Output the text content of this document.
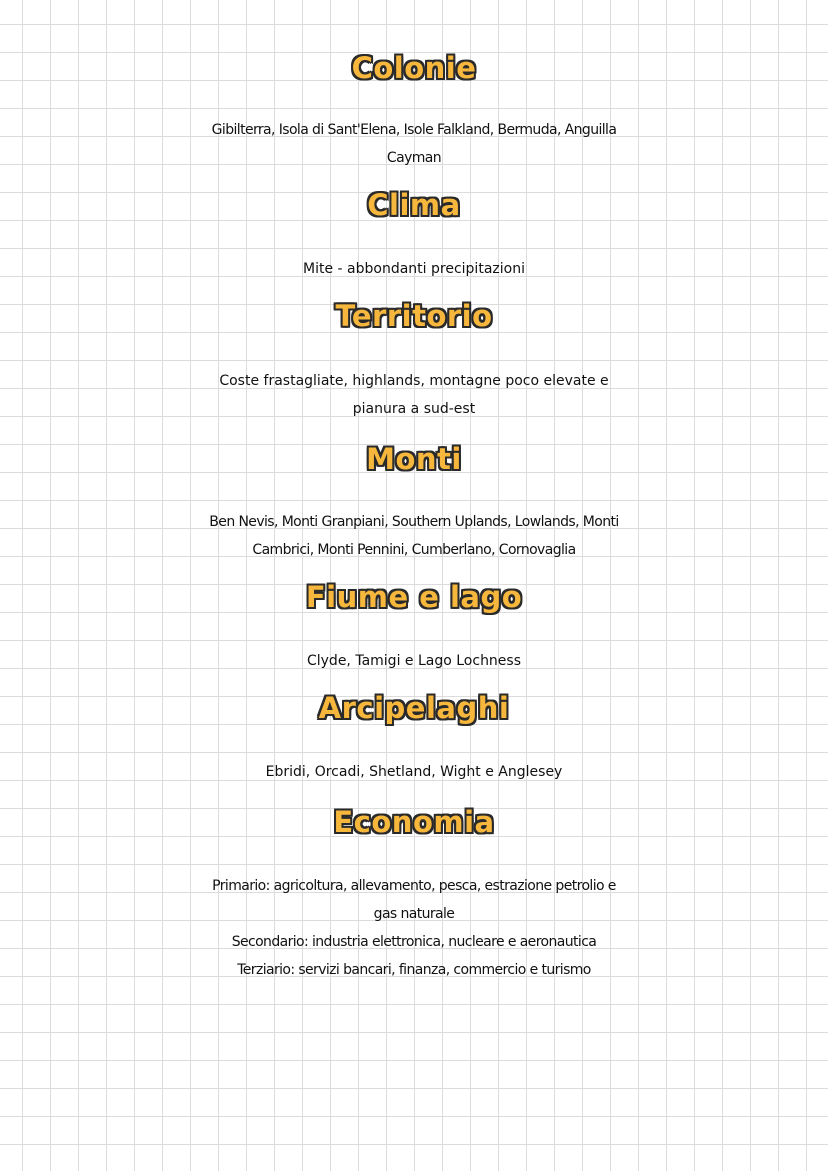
Colonie
Gibilterra, Isola di Sant'Elena, Isole Falkland, Bermuda, Anguilla
Cayman
Clima
Mite - abbondanti precipitazioni
Territorio
Coste frastagliate, highlands, montagne poco elevate e
pianura a sud-est
Monti
Ben Nevis, Monti Granpiani, Southern Uplands, Lowlands, Monti
Cambrici, Monti Pennini, Cumberlano, Cornovaglia
Fiume e lago
Clyde, Tamigi e Lago Lochness
Arcipelaghi
Ebridi, Orcadi, Shetland, Wight e Anglesey
Economia
Primario: agricoltura, allevamento, pesca, estrazione petrolio e
gas naturale
Secondario: industria elettronica, nucleare e aeronautica
Terziario: servizi bancari, finanza, commercio e turismo
